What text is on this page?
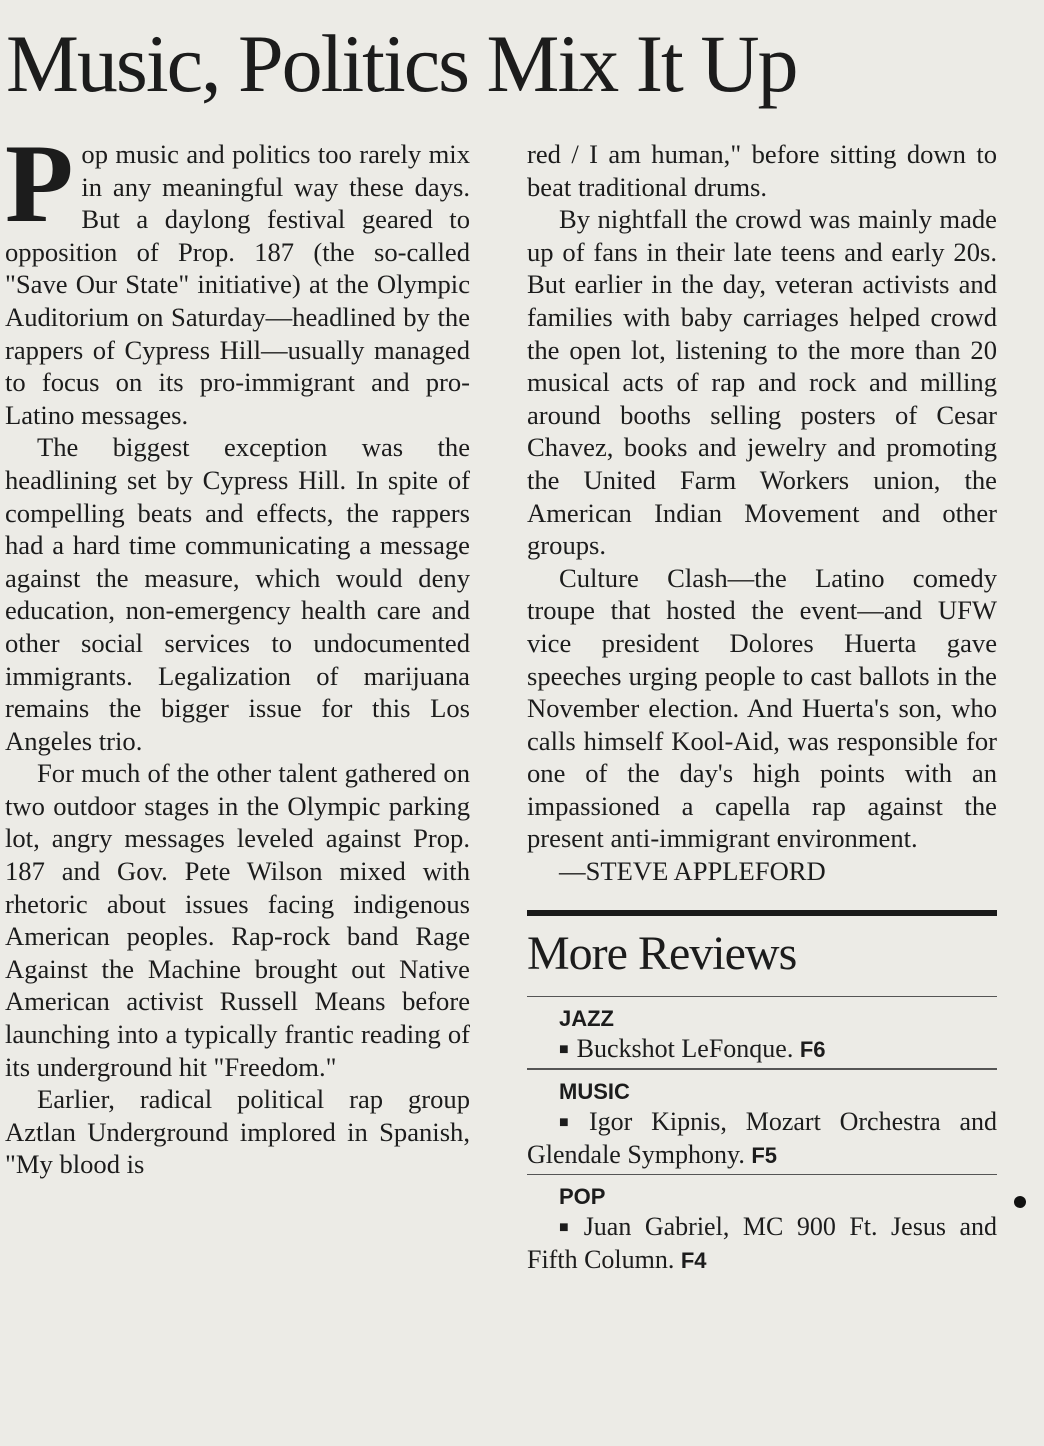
Music, Politics Mix It Up

Pop music and politics too rarely mix in any meaningful way these days. But a daylong festival geared to opposition of Prop. 187 (the so-called "Save Our State" initiative) at the Olympic Auditorium on Saturday—headlined by the rappers of Cypress Hill—usually managed to focus on its pro-immigrant and pro-Latino messages.

The biggest exception was the headlining set by Cypress Hill. In spite of compelling beats and effects, the rappers had a hard time communicating a message against the measure, which would deny education, non-emergency health care and other social services to undocumented immigrants. Legalization of marijuana remains the bigger issue for this Los Angeles trio.

For much of the other talent gathered on two outdoor stages in the Olympic parking lot, angry messages leveled against Prop. 187 and Gov. Pete Wilson mixed with rhetoric about issues facing indigenous American peoples. Rap-rock band Rage Against the Machine brought out Native American activist Russell Means before launching into a typically frantic reading of its underground hit "Freedom."

Earlier, radical political rap group Aztlan Underground implored in Spanish, "My blood is

red / I am human," before sitting down to beat traditional drums.

By nightfall the crowd was mainly made up of fans in their late teens and early 20s. But earlier in the day, veteran activists and families with baby carriages helped crowd the open lot, listening to the more than 20 musical acts of rap and rock and milling around booths selling posters of Cesar Chavez, books and jewelry and promoting the United Farm Workers union, the American Indian Movement and other groups.

Culture Clash—the Latino comedy troupe that hosted the event—and UFW vice president Dolores Huerta gave speeches urging people to cast ballots in the November election. And Huerta's son, who calls himself Kool-Aid, was responsible for one of the day's high points with an impassioned a capella rap against the present anti-immigrant environment.

—STEVE APPLEFORD

More Reviews

JAZZ

■ Buckshot LeFonque. F6

MUSIC

■ Igor Kipnis, Mozart Orchestra and Glendale Symphony. F5

POP

■ Juan Gabriel, MC 900 Ft. Jesus and Fifth Column. F4
